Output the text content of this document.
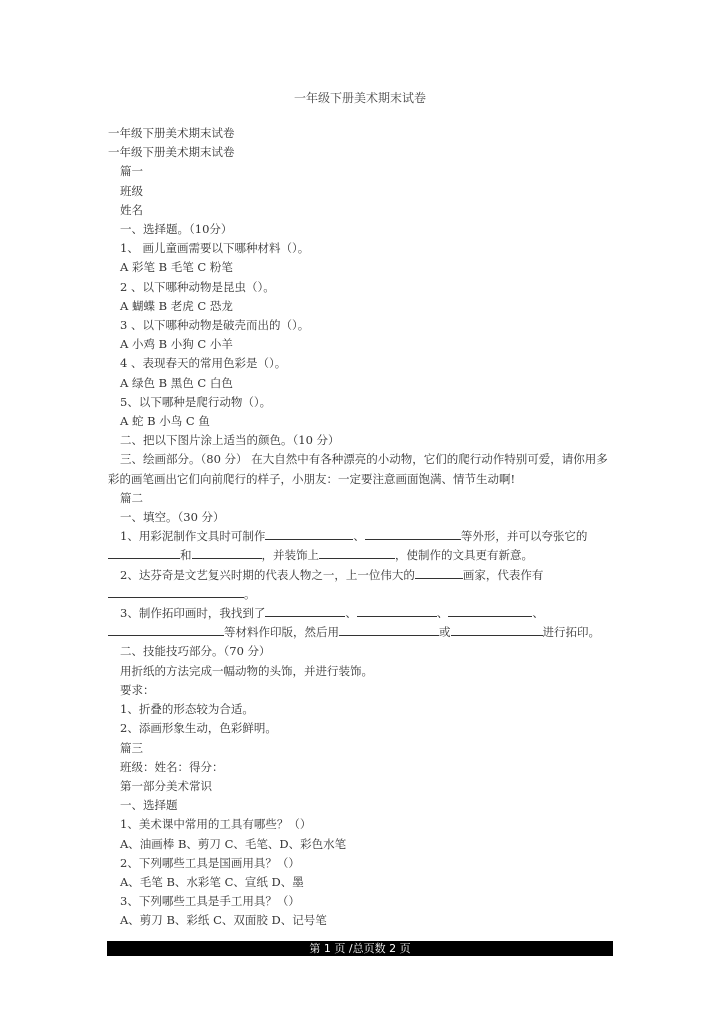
一年级下册美术期末试卷
一年级下册美术期末试卷
一年级下册美术期末试卷
篇一
班级
姓名
一、选择题。（10分）
1、 画儿童画需要以下哪种材料（）。
A 彩笔 B 毛笔 C 粉笔
2 、以下哪种动物是昆虫（）。
A 蝴蝶 B 老虎 C 恐龙
3 、以下哪种动物是破壳而出的（）。
A 小鸡 B 小狗 C 小羊
4 、表现春天的常用色彩是（）。
A 绿色 B 黑色 C 白色
5、以下哪种是爬行动物（）。
A 蛇 B 小鸟 C 鱼
二、把以下图片涂上适当的颜色。（10 分）
三、绘画部分。（80 分） 在大自然中有各种漂亮的小动物，它们的爬行动作特别可爱，请你用多彩的画笔画出它们向前爬行的样子，小朋友：一定要注意画面饱满、情节生动啊!
篇二
一、填空。（30 分）
1、用彩泥制作文具时可制作	、	等外形，并可以夸张它的
和	，并装饰上	，使制作的文具更有新意。
2、达芬奇是文艺复兴时期的代表人物之一，上一位伟大的	画家，代表作有
。
3、制作拓印画时，我找到了	、	、	、
等材料作印版，然后用	或	进行拓印。
二、技能技巧部分。（70 分）
用折纸的方法完成一幅动物的头饰，并进行装饰。
要求：
1、折叠的形态较为合适。
2、添画形象生动，色彩鲜明。
篇三
班级：姓名：得分：
第一部分美术常识
一、选择题
1、美术课中常用的工具有哪些？（）
A、油画棒 B、剪刀 C、毛笔、D、彩色水笔
2、下列哪些工具是国画用具？（）
A、毛笔 B、水彩笔 C、宣纸 D、墨
3、下列哪些工具是手工用具？（）
A、剪刀 B、彩纸 C、双面胶 D、记号笔
第 1 页 /总页数 2 页
